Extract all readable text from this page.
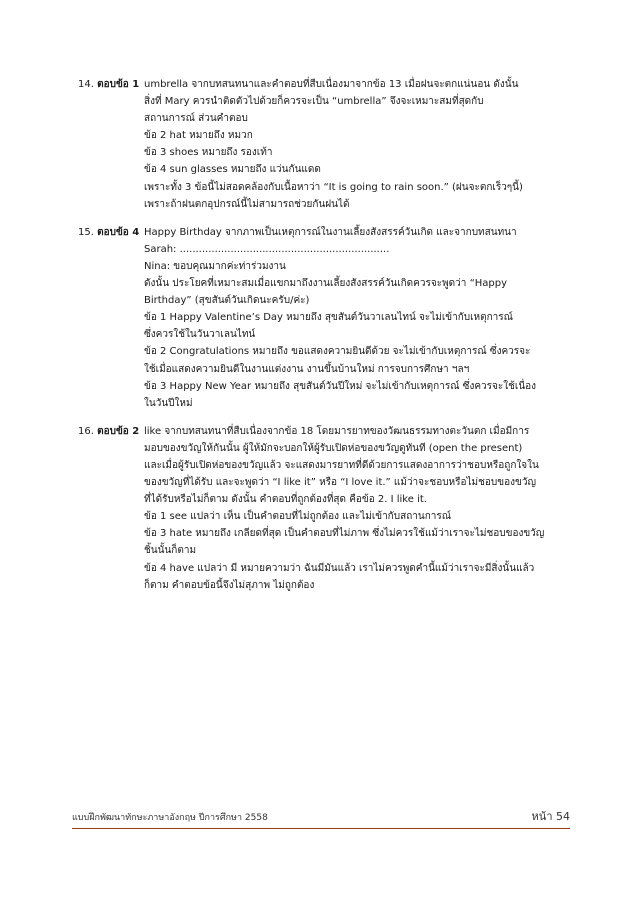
14. ตอบข้อ 1 umbrella จากบทสนทนาและคำตอบที่สืบเนื่องมาจากข้อ 13 เมื่อฝนจะตกแน่นอน ดังนั้น
สิ่งที่ Mary ควรนำติดตัวไปด้วยก็ควรจะเป็น “umbrella” จึงจะเหมาะสมที่สุดกับ
สถานการณ์ ส่วนคำตอบ
ข้อ 2 hat หมายถึง หมวก
ข้อ 3 shoes หมายถึง รองเท้า
ข้อ 4 sun glasses หมายถึง แว่นกันแดด
เพราะทั้ง 3 ข้อนี้ไม่สอดคล้องกับเนื้อหาว่า “It is going to rain soon.” (ฝนจะตกเร็วๆนี้)
เพราะถ้าฝนตกอุปกรณ์นี้ไม่สามารถช่วยกันฝนได้
15. ตอบข้อ 4 Happy Birthday จากภาพเป็นเหตุการณ์ในงานเลี้ยงสังสรรค์วันเกิด และจากบทสนทนา
Sarah: ..................................................................
Nina: ขอบคุณมากค่ะท่าร่วมงาน
ดังนั้น ประโยคที่เหมาะสมเมื่อแขกมาถึงงานเลี้ยงสังสรรค์วันเกิดควรจะพูดว่า “Happy
Birthday” (สุขสันต์วันเกิดนะครับ/ค่ะ)
ข้อ 1 Happy Valentine’s Day หมายถึง สุขสันต์วันวาเลนไทน์ จะไม่เข้ากับเหตุการณ์
ซึ่งควรใช้ในวันวาเลนไทน์
ข้อ 2 Congratulations หมายถึง ขอแสดงความยินดีด้วย จะไม่เข้ากับเหตุการณ์ ซึ่งควรจะ
ใช้เมื่อแสดงความยินดีในงานแต่งงาน งานขึ้นบ้านใหม่ การจบการศึกษา ฯลฯ
ข้อ 3 Happy New Year หมายถึง สุขสันต์วันปีใหม่ จะไม่เข้ากับเหตุการณ์ ซึ่งควรจะใช้เนื่อง
ในวันปีใหม่
16. ตอบข้อ 2 like จากบทสนทนาที่สืบเนื่องจากข้อ 18 โดยมารยาทของวัฒนธรรมทางตะวันตก เมื่อมีการ
มอบของขวัญให้กันนั้น ผู้ให้มักจะบอกให้ผู้รับเปิดห่อของขวัญดูทันที (open the present)
และเมื่อผู้รับเปิดห่อของขวัญแล้ว จะแสดงมารยาทที่ดีด้วยการแสดงอาการว่าชอบหรือถูกใจใน
ของขวัญที่ได้รับ และจะพูดว่า “I like it” หรือ “I love it.” แม้ว่าจะชอบหรือไม่ชอบของขวัญ
ที่ได้รับหรือไม่ก็ตาม ดังนั้น คำตอบที่ถูกต้องที่สุด คือข้อ 2. I like it.
ข้อ 1 see แปลว่า เห็น เป็นคำตอบที่ไม่ถูกต้อง และไม่เข้ากับสถานการณ์
ข้อ 3 hate หมายถึง เกลียดที่สุด เป็นคำตอบที่ไม่ภาพ ซึ่งไม่ควรใช้แม้ว่าเราจะไม่ชอบของขวัญ
ชิ้นนั้นก็ตาม
ข้อ 4 have แปลว่า มี หมายความว่า ฉันมีมันแล้ว เราไม่ควรพูดคำนี้แม้ว่าเราจะมีสิ่งนั้นแล้ว
ก็ตาม คำตอบข้อนี้จึงไม่สุภาพ ไม่ถูกต้อง
แบบฝึกพัฒนาทักษะภาษาอังกฤษ ปีการศึกษา 2558	หน้า 54
